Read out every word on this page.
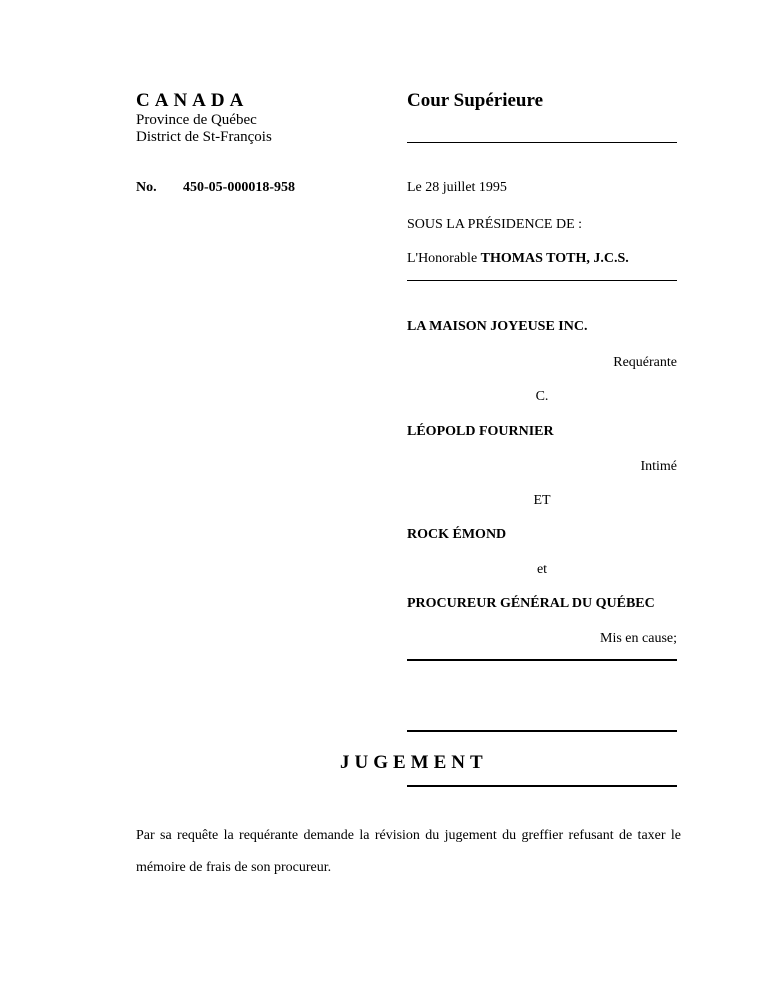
CANADA
Province de Québec
District de St-François
Cour Supérieure
No. 450-05-000018-958	Le 28 juillet 1995
SOUS LA PRÉSIDENCE DE :
L'Honorable THOMAS TOTH, J.C.S.
LA MAISON JOYEUSE INC.
Requérante
C.
LÉOPOLD FOURNIER
Intimé
ET
ROCK ÉMOND
et
PROCUREUR GÉNÉRAL DU QUÉBEC
Mis en cause;
JUGEMENT
Par sa requête la requérante demande la révision du jugement du greffier refusant de taxer le mémoire de frais de son procureur.
